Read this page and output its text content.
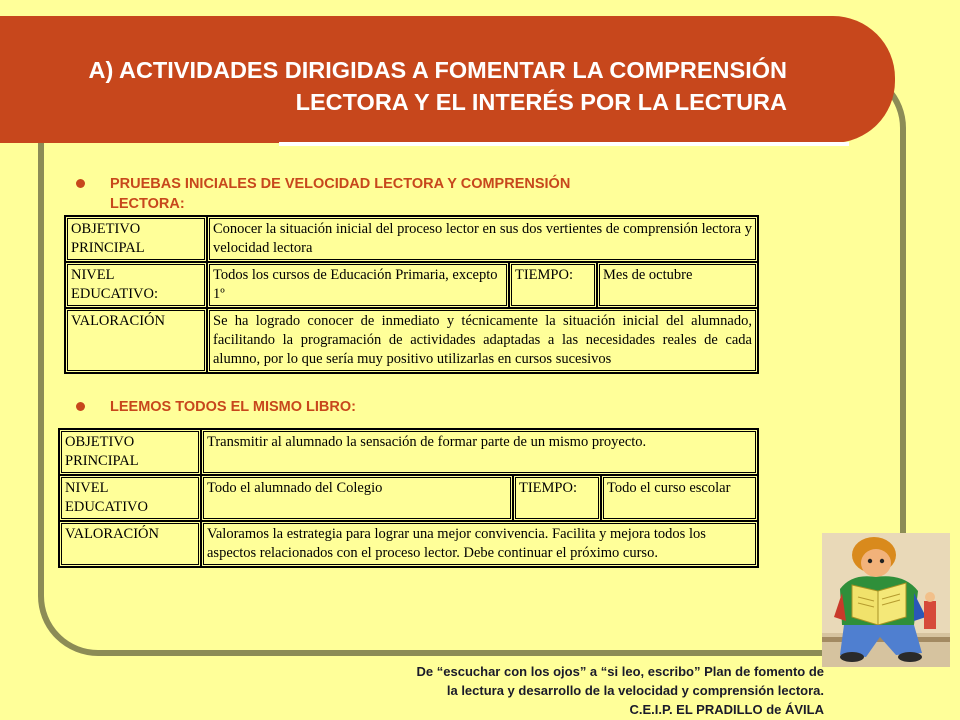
A) ACTIVIDADES DIRIGIDAS A FOMENTAR LA COMPRENSIÓN
LECTORA Y EL INTERÉS POR LA LECTURA
PRUEBAS INICIALES DE VELOCIDAD LECTORA Y COMPRENSIÓN
LECTORA:
OBJETIVO
PRINCIPAL	Conocer la situación inicial del proceso lector en sus dos vertientes de comprensión lectora y velocidad lectora		

NIVEL
EDUCATIVO:	Todos los cursos de Educación Primaria, excepto 1º	TIEMPO:	Mes de octubre
VALORACIÓN	Se ha logrado conocer de inmediato y técnicamente la situación inicial del alumnado, facilitando la programación de actividades adaptadas a las necesidades reales de cada alumno, por lo que sería muy positivo utilizarlas en cursos sucesivos		
LEEMOS TODOS EL MISMO LIBRO:
OBJETIVO
PRINCIPAL	Transmitir al alumnado la sensación de formar parte de un mismo proyecto.		

NIVEL
EDUCATIVO	Todo el alumnado del Colegio	TIEMPO:	Todo el curso escolar
VALORACIÓN	Valoramos la estrategia para lograr una mejor convivencia. Facilita y mejora todos los aspectos relacionados con el proceso lector. Debe continuar el próximo curso.		
De “escuchar con los ojos” a “si leo, escribo” Plan de fomento de
la lectura y desarrollo de la velocidad y comprensión lectora.
C.E.I.P. EL PRADILLO de ÁVILA
